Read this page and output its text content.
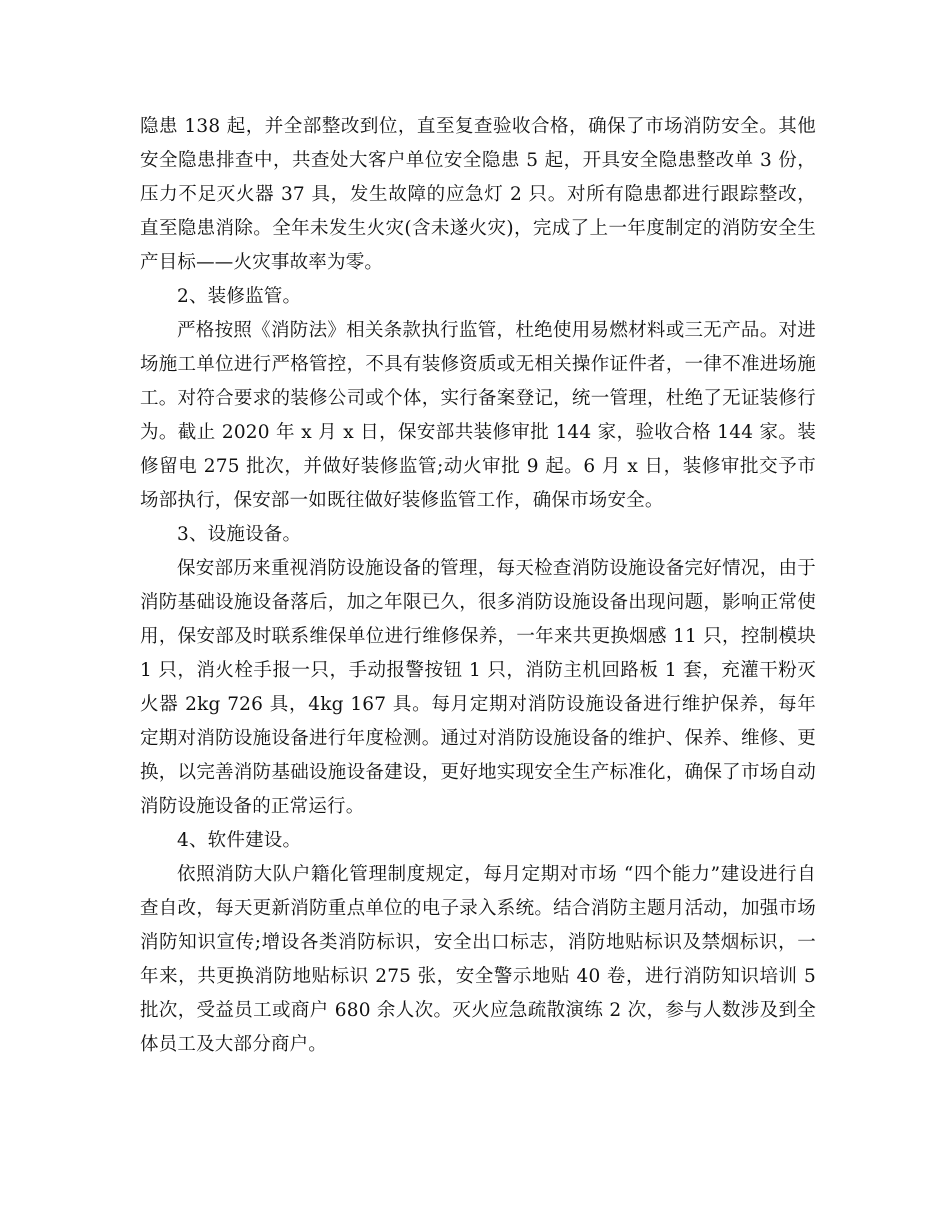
隐患 138 起，并全部整改到位，直至复查验收合格，确保了市场消防安全。其他安全隐患排查中，共查处大客户单位安全隐患 5 起，开具安全隐患整改单 3 份，压力不足灭火器 37 具，发生故障的应急灯 2 只。对所有隐患都进行跟踪整改，直至隐患消除。全年未发生火灾(含未遂火灾)，完成了上一年度制定的消防安全生产目标——火灾事故率为零。

2、装修监管。

严格按照《消防法》相关条款执行监管，杜绝使用易燃材料或三无产品。对进场施工单位进行严格管控，不具有装修资质或无相关操作证件者，一律不准进场施工。对符合要求的装修公司或个体，实行备案登记，统一管理，杜绝了无证装修行为。截止 2020 年 x 月 x 日，保安部共装修审批 144 家，验收合格 144 家。装修留电 275 批次，并做好装修监管;动火审批 9 起。6 月 x 日，装修审批交予市场部执行，保安部一如既往做好装修监管工作，确保市场安全。

3、设施设备。

保安部历来重视消防设施设备的管理，每天检查消防设施设备完好情况，由于消防基础设施设备落后，加之年限已久，很多消防设施设备出现问题，影响正常使用，保安部及时联系维保单位进行维修保养，一年来共更换烟感 11 只，控制模块 1 只，消火栓手报一只，手动报警按钮 1 只，消防主机回路板 1 套，充灌干粉灭火器 2kg 726 具，4kg 167 具。每月定期对消防设施设备进行维护保养，每年定期对消防设施设备进行年度检测。通过对消防设施设备的维护、保养、维修、更换，以完善消防基础设施设备建设，更好地实现安全生产标准化，确保了市场自动消防设施设备的正常运行。

4、软件建设。

依照消防大队户籍化管理制度规定，每月定期对市场 “四个能力”建设进行自查自改，每天更新消防重点单位的电子录入系统。结合消防主题月活动，加强市场消防知识宣传;增设各类消防标识，安全出口标志，消防地贴标识及禁烟标识，一年来，共更换消防地贴标识 275 张，安全警示地贴 40 卷，进行消防知识培训 5 批次，受益员工或商户 680 余人次。灭火应急疏散演练 2 次，参与人数涉及到全体员工及大部分商户。
